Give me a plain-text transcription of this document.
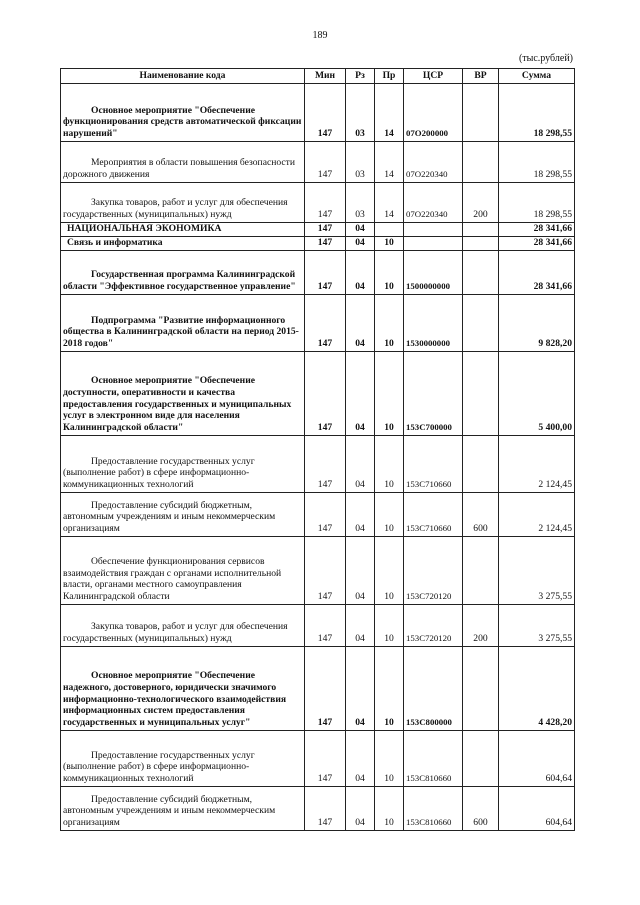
189
(тыс.рублей)
Наименование кода	Мин	Рз	Пр	ЦСР	ВР	Сумма
Основное мероприятие "Обеспечение функционирования средств автоматической фиксации нарушений"	147	03	14	07О200000		18 298,55
Мероприятия в области повышения безопасности дорожного движения	147	03	14	07О220340		18 298,55
Закупка товаров, работ и услуг для обеспечения государственных (муниципальных) нужд	147	03	14	07О220340	200	18 298,55
НАЦИОНАЛЬНАЯ ЭКОНОМИКА	147	04				28 341,66
Связь и информатика	147	04	10			28 341,66
Государственная программа Калининградской области "Эффективное государственное управление"	147	04	10	1500000000		28 341,66
Подпрограмма "Развитие информационного общества в Калининградской области на период 2015-2018 годов"	147	04	10	1530000000		9 828,20
Основное мероприятие "Обеспечение доступности, оперативности и качества предоставления государственных и муниципальных услуг в электронном виде для населения Калининградской области"	147	04	10	153С700000		5 400,00
Предоставление государственных услуг (выполнение работ) в сфере информационно-коммуникационных технологий	147	04	10	153С710660		2 124,45
Предоставление субсидий бюджетным, автономным учреждениям и иным некоммерческим организациям	147	04	10	153С710660	600	2 124,45
Обеспечение функционирования сервисов взаимодействия граждан с органами исполнительной власти, органами местного самоуправления Калининградской области	147	04	10	153С720120		3 275,55
Закупка товаров, работ и услуг для обеспечения государственных (муниципальных) нужд	147	04	10	153С720120	200	3 275,55
Основное мероприятие "Обеспечение надежного, достоверного, юридически значимого информационно-технологического взаимодействия информационных систем предоставления государственных и муниципальных услуг"	147	04	10	153С800000		4 428,20
Предоставление государственных услуг (выполнение работ) в сфере информационно-коммуникационных технологий	147	04	10	153С810660		604,64
Предоставление субсидий бюджетным, автономным учреждениям и иным некоммерческим организациям	147	04	10	153С810660	600	604,64
